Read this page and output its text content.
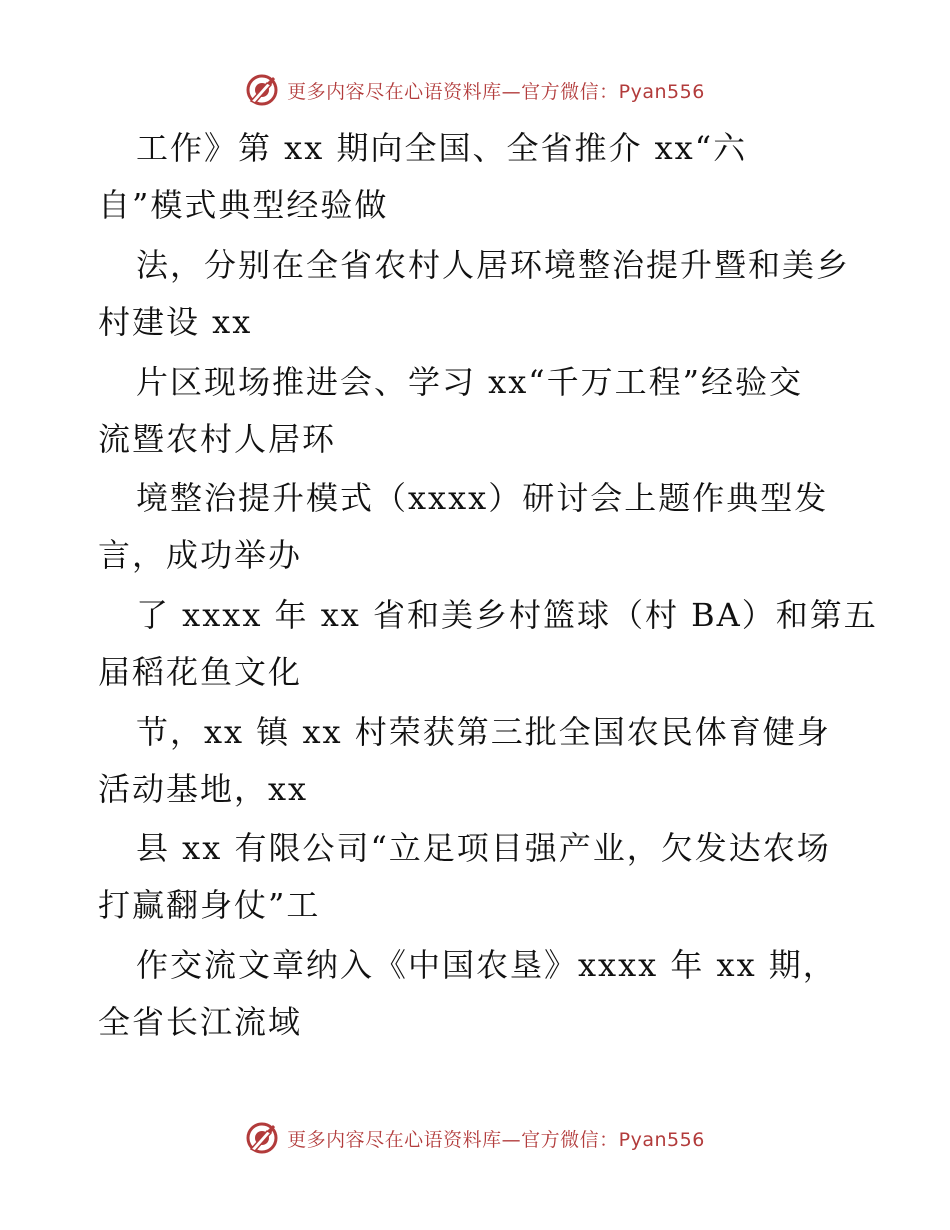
更多内容尽在心语资料库—官方微信：Pyan556
工作》第 xx 期向全国、全省推介 xx“六
自”模式典型经验做
法，分别在全省农村人居环境整治提升暨和美乡
村建设 xx
片区现场推进会、学习 xx“千万工程”经验交
流暨农村人居环
境整治提升模式（xxxx）研讨会上题作典型发
言，成功举办
了 xxxx 年 xx 省和美乡村篮球（村 BA）和第五
届稻花鱼文化
节，xx 镇 xx 村荣获第三批全国农民体育健身
活动基地，xx
县 xx 有限公司“立足项目强产业，欠发达农场
打赢翻身仗”工
作交流文章纳入《中国农垦》xxxx 年 xx 期，
全省长江流域
更多内容尽在心语资料库—官方微信：Pyan556
